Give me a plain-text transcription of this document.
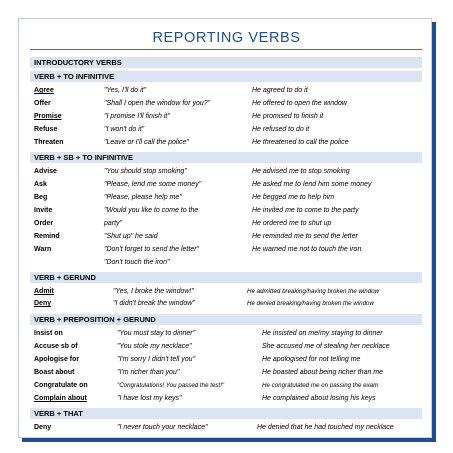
REPORTING VERBS
INTRODUCTORY VERBS
VERB + TO INFINITIVE
Agree	"Yes, I'll do it"	He agreed to do it
Offer	"Shall I open the window for you?"	He offered to open the window
Promise	"I promise I'll finish it"	He promised to finish it
Refuse	"I won't do it"	He refused to do it
Threaten	"Leave or I'll call the police"	He threatened to call the police
VERB + SB + TO INFINITIVE
Advise	"You should stop smoking"	He advised me to stop smoking
Ask	"Please, lend me some money"	He asked me to lend him some money
Beg	"Please, please help me"	He begged me to help him
Invite	"Would you like to come to the	He invited me to come to the party
Order	party"	He ordered me to shut up
Remind	"Shut up" he said	He reminded me to send the letter
Warn	"Don't forget to send the letter"	He warned me not to touch the iron
"Don't touch the iron"
VERB + GERUND
Admit	"Yes, I broke the window!"	He admitted breaking/having broken the window
Deny	"I didn't break the window"	He denied breaking/having broken the window
VERB + PREPOSITION + GERUND
Insist on	"You must stay to dinner"	He insisted on me/my staying to dinner
Accuse sb of	"You stole my necklace"	She accused me of stealing her necklace
Apologise for	"I'm sorry I didn't tell you"	He apologised for not telling me
Boast about	"I'm richer than you"	He boasted about being richer than me
Congratulate on	"Congratulations! You passed the test!"	He congratulated me on passing the exam
Complain about	"I have lost my keys"	He complained about losing his keys
VERB + THAT
Deny	"I never touch your necklace"	He denied that he had touched my necklace
